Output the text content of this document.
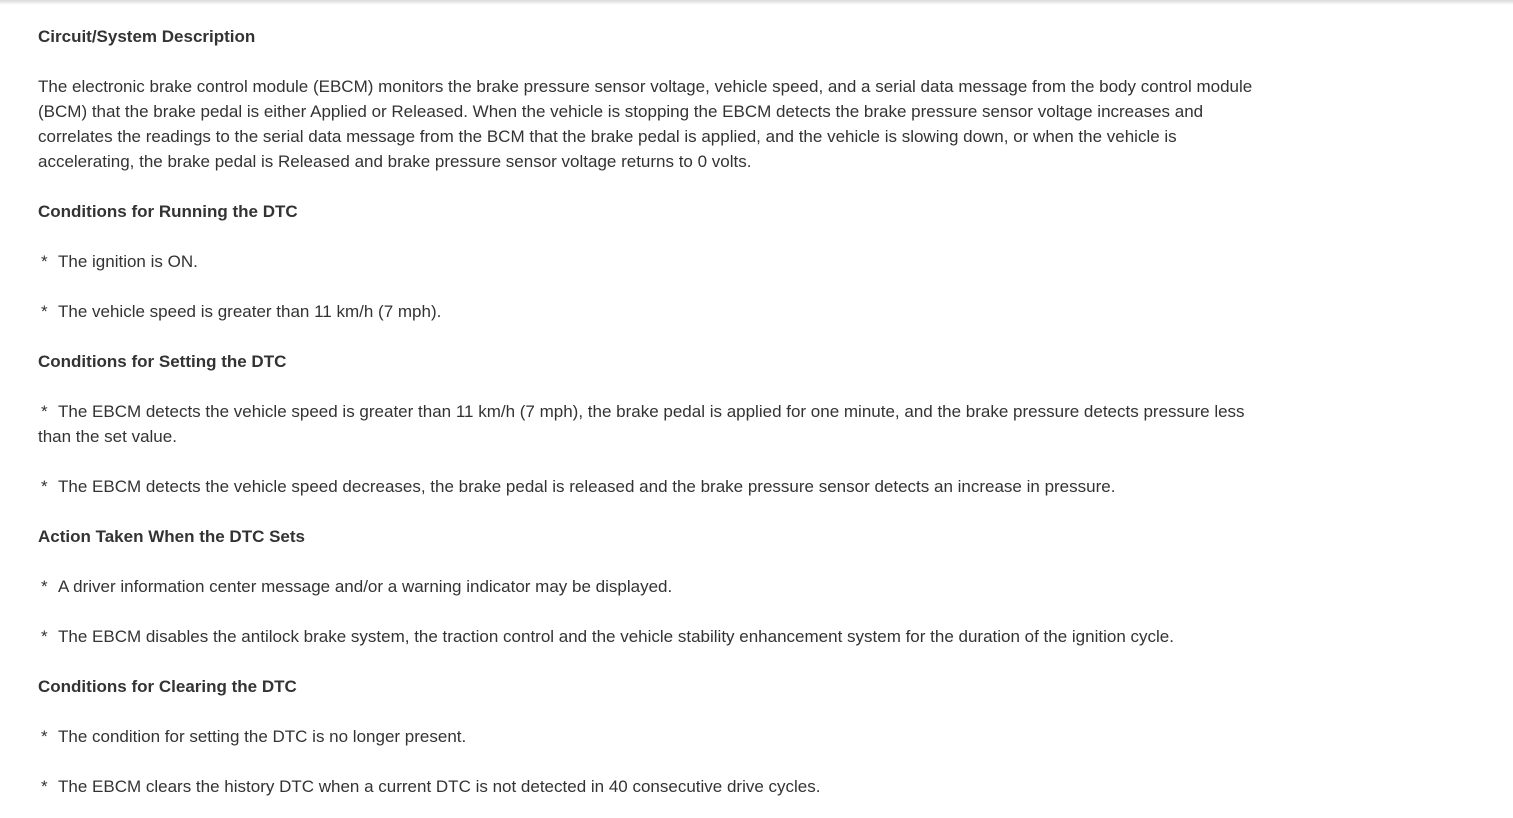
Circuit/System Description
The electronic brake control module (EBCM) monitors the brake pressure sensor voltage, vehicle speed, and a serial data message from the body control module (BCM) that the brake pedal is either Applied or Released. When the vehicle is stopping the EBCM detects the brake pressure sensor voltage increases and correlates the readings to the serial data message from the BCM that the brake pedal is applied, and the vehicle is slowing down, or when the vehicle is accelerating, the brake pedal is Released and brake pressure sensor voltage returns to 0 volts.
Conditions for Running the DTC
* The ignition is ON.
* The vehicle speed is greater than 11 km/h (7 mph).
Conditions for Setting the DTC
* The EBCM detects the vehicle speed is greater than 11 km/h (7 mph), the brake pedal is applied for one minute, and the brake pressure detects pressure less than the set value.
* The EBCM detects the vehicle speed decreases, the brake pedal is released and the brake pressure sensor detects an increase in pressure.
Action Taken When the DTC Sets
* A driver information center message and/or a warning indicator may be displayed.
* The EBCM disables the antilock brake system, the traction control and the vehicle stability enhancement system for the duration of the ignition cycle.
Conditions for Clearing the DTC
* The condition for setting the DTC is no longer present.
* The EBCM clears the history DTC when a current DTC is not detected in 40 consecutive drive cycles.
